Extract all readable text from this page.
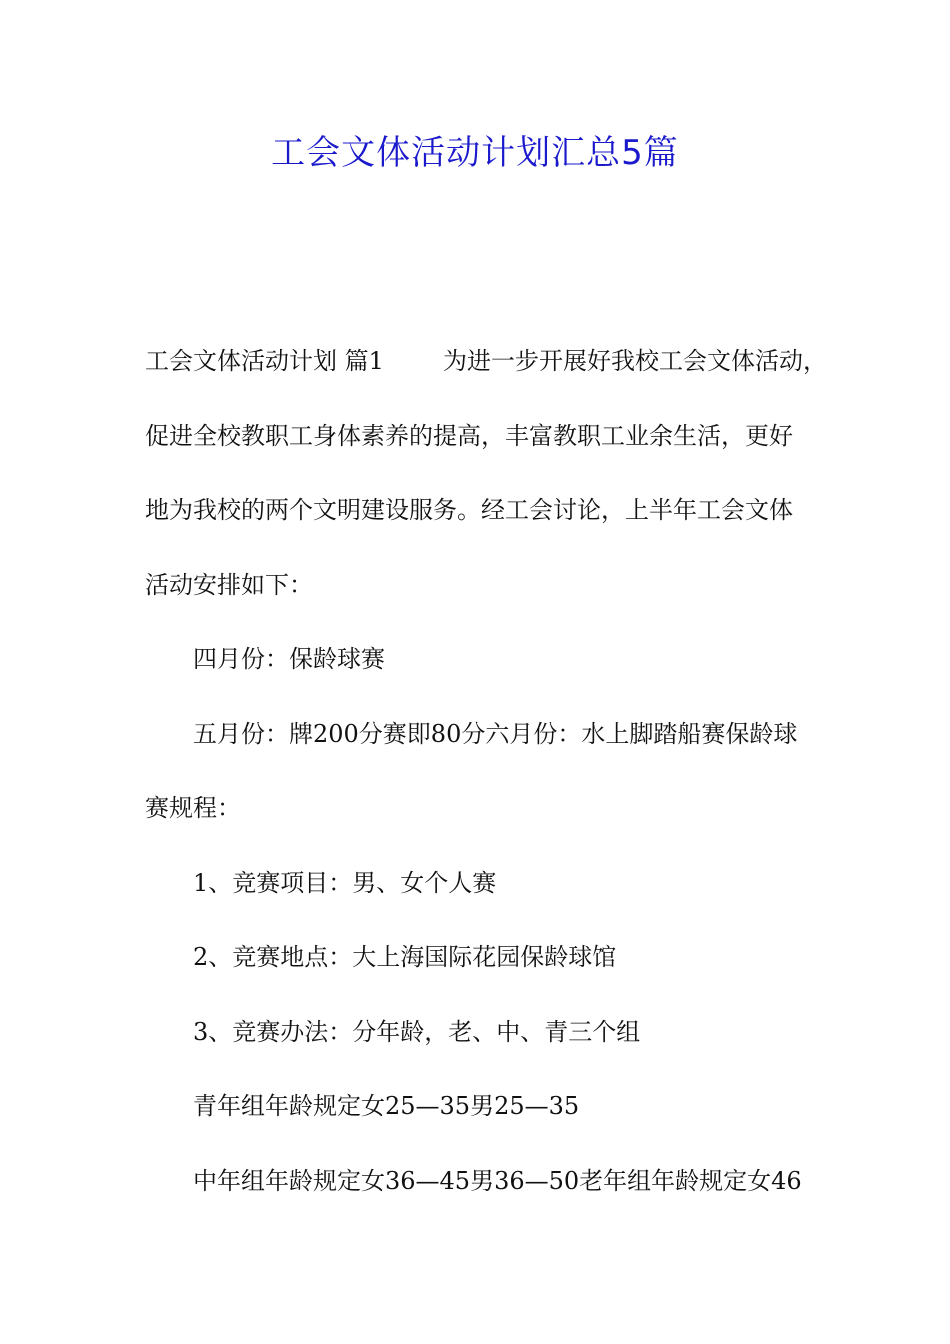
工会文体活动计划汇总5篇
工会文体活动计划 篇1 为进一步开展好我校工会文体活动，
促进全校教职工身体素养的提高，丰富教职工业余生活，更好
地为我校的两个文明建设服务。经工会讨论，上半年工会文体
活动安排如下：
四月份：保龄球赛
五月份：牌200分赛即80分六月份：水上脚踏船赛保龄球
赛规程：
1、竞赛项目：男、女个人赛
2、竞赛地点：大上海国际花园保龄球馆
3、竞赛办法：分年龄，老、中、青三个组
青年组年龄规定女25—35男25—35
中年组年龄规定女36—45男36—50老年组年龄规定女46
